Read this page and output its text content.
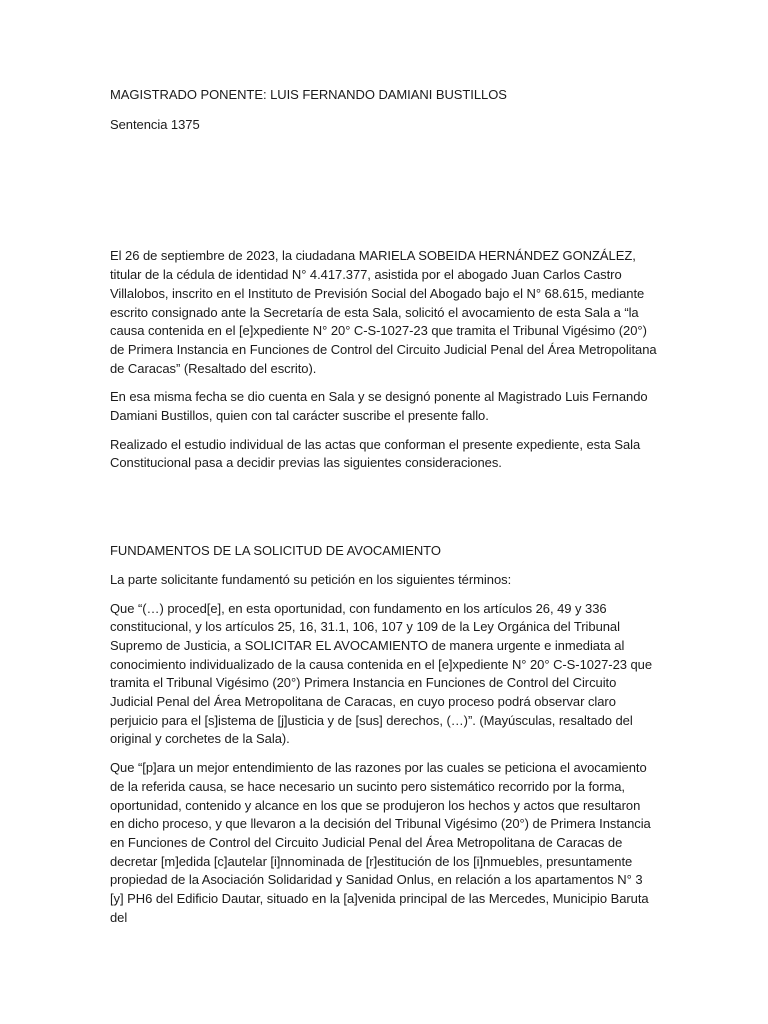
MAGISTRADO PONENTE: LUIS FERNANDO DAMIANI BUSTILLOS

Sentencia 1375

El 26 de septiembre de 2023, la ciudadana MARIELA SOBEIDA HERNÁNDEZ GONZÁLEZ, titular de la cédula de identidad N° 4.417.377, asistida por el abogado Juan Carlos Castro Villalobos, inscrito en el Instituto de Previsión Social del Abogado bajo el N° 68.615, mediante escrito consignado ante la Secretaría de esta Sala, solicitó el avocamiento de esta Sala a “la causa contenida en el [e]xpediente N° 20° C-S-1027-23 que tramita el Tribunal Vigésimo (20°) de Primera Instancia en Funciones de Control del Circuito Judicial Penal del Área Metropolitana de Caracas” (Resaltado del escrito).

En esa misma fecha se dio cuenta en Sala y se designó ponente al Magistrado Luis Fernando Damiani Bustillos, quien con tal carácter suscribe el presente fallo.

Realizado el estudio individual de las actas que conforman el presente expediente, esta Sala Constitucional pasa a decidir previas las siguientes consideraciones.

FUNDAMENTOS DE LA SOLICITUD DE AVOCAMIENTO

La parte solicitante fundamentó su petición en los siguientes términos:

Que “(…) proced[e], en esta oportunidad, con fundamento en los artículos 26, 49 y 336 constitucional, y los artículos 25, 16, 31.1, 106, 107 y 109 de la Ley Orgánica del Tribunal Supremo de Justicia, a SOLICITAR EL AVOCAMIENTO de manera urgente e inmediata al conocimiento individualizado de la causa contenida en el [e]xpediente N° 20° C-S-1027-23 que tramita el Tribunal Vigésimo (20°) Primera Instancia en Funciones de Control del Circuito Judicial Penal del Área Metropolitana de Caracas, en cuyo proceso podrá observar claro perjuicio para el [s]istema de [j]usticia y de [sus] derechos, (…)”. (Mayúsculas, resaltado del original y corchetes de la Sala).

Que “[p]ara un mejor entendimiento de las razones por las cuales se peticiona el avocamiento de la referida causa, se hace necesario un sucinto pero sistemático recorrido por la forma, oportunidad, contenido y alcance en los que se produjeron los hechos y actos que resultaron en dicho proceso, y que llevaron a la decisión del Tribunal Vigésimo (20°) de Primera Instancia en Funciones de Control del Circuito Judicial Penal del Área Metropolitana de Caracas de decretar [m]edida [c]autelar [i]nnominada de [r]estitución de los [i]nmuebles, presuntamente propiedad de la Asociación Solidaridad y Sanidad Onlus, en relación a los apartamentos N° 3 [y] PH6 del Edificio Dautar, situado en la [a]venida principal de las Mercedes, Municipio Baruta del
